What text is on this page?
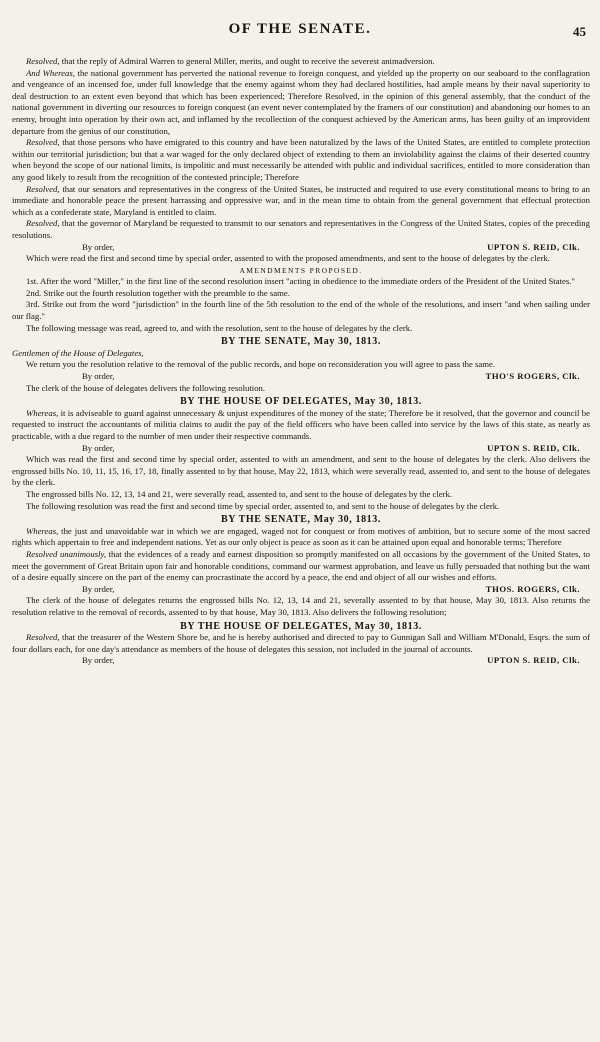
OF THE SENATE.	45

Resolved, that the reply of Admiral Warren to general Miller, merits, and ought to receive the severest animadversion.

And Whereas, the national government has perverted the national revenue to foreign conquest, and yielded up the property on our seaboard to the conflagration and vengeance of an incensed foe, under full knowledge that the enemy against whom they had declared hostilities, had ample means by their naval superiority to deal destruction to an extent even beyond that which has been experienced; Therefore Resolved, in the opinion of this general assembly, that the conduct of the national government in diverting our resources to foreign conquest (an event never contemplated by the framers of our constitution) and abandoning our homes to an enemy, brought into operation by their own act, and inflamed by the recollection of the conquest achieved by the American arms, has been guilty of an improvident departure from the genius of our constitution,

Resolved, that those persons who have emigrated to this country and have been naturalized by the laws of the United States, are entitled to complete protection within our territorial jurisdiction; but that a war waged for the only declared object of extending to them an inviolability against the claims of their deserted country when beyond the scope of our national limits, is impolitic and must necessarily be attended with public and individual sacrifices, entitled to more consideration than any good likely to result from the recognition of the contested principle; Therefore

Resolved, that our senators and representatives in the congress of the United States, be instructed and required to use every constitutional means to bring to an immediate and honorable peace the present harrassing and oppressive war, and in the mean time to obtain from the general government that effectual protection which as a confederate state, Maryland is entitled to claim.

Resolved, that the governor of Maryland be requested to transmit to our senators and representatives in the Congress of the United States, copies of the preceding resolutions.

By order,	UPTON S. REID, Clk.

Which were read the first and second time by special order, assented to with the proposed amendments, and sent to the house of delegates by the clerk.

AMENDMENTS PROPOSED.

1st. After the word "Miller," in the first line of the second resolution insert "acting in obedience to the immediate orders of the President of the United States."

2nd. Strike out the fourth resolution together with the preamble to the same.

3rd. Strike out from the word "jurisdiction" in the fourth line of the 5th resolution to the end of the whole of the resolutions, and insert "and when sailing under our flag."

The following message was read, agreed to, and with the resolution, sent to the house of delegates by the clerk.

BY THE SENATE, May 30, 1813.

Gentlemen of the House of Delegates,

We return you the resolution relative to the removal of the public records, and hope on reconsideration you will agree to pass the same.

By order,	THO'S ROGERS, Clk.

The clerk of the house of delegates delivers the following resolution.

BY THE HOUSE OF DELEGATES, May 30, 1813.

Whereas, it is adviseable to guard against unnecessary & unjust expenditures of the money of the state; Therefore be it resolved, that the governor and council be requested to instruct the accountants of militia claims to audit the pay of the field officers who have been called into service by the laws of this state, as nearly as practicable, with a due regard to the number of men under their respective commands.

By order,	UPTON S. REID, Clk.

Which was read the first and second time by special order, assented to with an amendment, and sent to the house of delegates by the clerk. Also delivers the engrossed bills No. 10, 11, 15, 16, 17, 18, finally assented to by that house, May 22, 1813, which were severally read, assented to, and sent to the house of delegates by the clerk.

The engrossed bills No. 12, 13, 14 and 21, were severally read, assented to, and sent to the house of delegates by the clerk.

The following resolution was read the first and second time by special order, assented to, and sent to the house of delegates by the clerk.

BY THE SENATE, May 30, 1813.

Whereas, the just and unavoidable war in which we are engaged, waged not for conquest or from motives of ambition, but to secure some of the most sacred rights which appertain to free and independent nations. Yet as our only object is peace as soon as it can be attained upon equal and honorable terms; Therefore

Resolved unanimously, that the evidences of a ready and earnest disposition so promptly manifested on all occasions by the government of the United States, to meet the government of Great Britain upon fair and honorable conditions, command our warmest approbation, and leave us fully persuaded that nothing but the want of a desire equally sincere on the part of the enemy can procrastinate the accord by a peace, the end and object of all our wishes and efforts.

By order,	THOS. ROGERS, Clk.

The clerk of the house of delegates returns the engrossed bills No. 12, 13, 14 and 21, severally assented to by that house, May 30, 1813. Also returns the resolution relative to the removal of records, assented to by that house, May 30, 1813. Also delivers the following resolution;

BY THE HOUSE OF DELEGATES, May 30, 1813.

Resolved, that the treasurer of the Western Shore be, and he is hereby authorised and directed to pay to Gunnigan Sall and William M'Donald, Esqrs. the sum of four dollars each, for one day's attendance as members of the house of delegates this session, not included in the journal of accounts.

By order,	UPTON S. REID, Clk.
